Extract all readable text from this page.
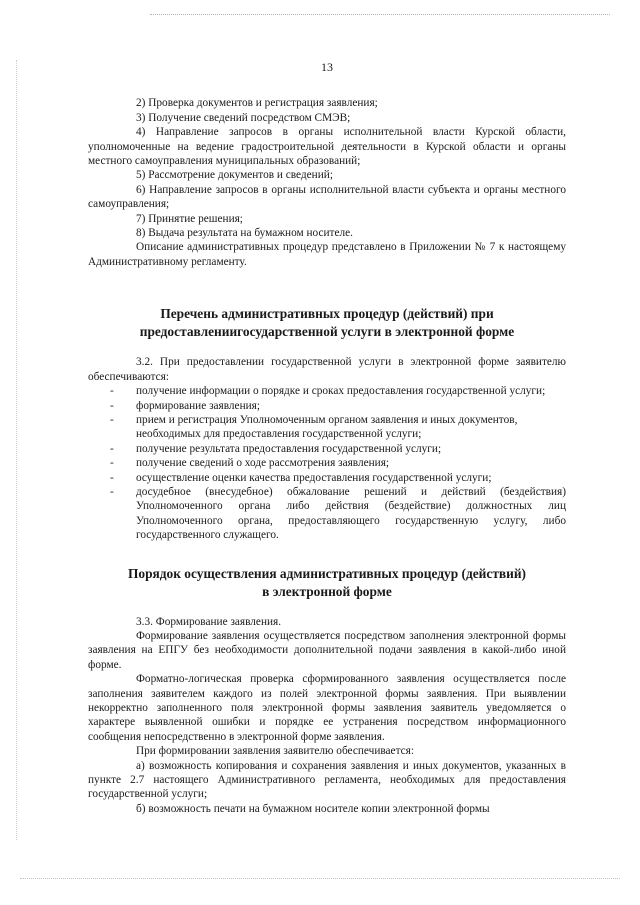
13
2) Проверка документов и регистрация заявления;
3) Получение сведений посредством СМЭВ;
4) Направление запросов в органы исполнительной власти Курской области, уполномоченные на ведение градостроительной деятельности в Курской области и органы местного самоуправления муниципальных образований;
5) Рассмотрение документов и сведений;
6) Направление запросов в органы исполнительной власти субъекта и органы местного самоуправления;
7) Принятие решения;
8) Выдача результата на бумажном носителе.
Описание административных процедур представлено в Приложении № 7 к настоящему Административному регламенту.
Перечень административных процедур (действий) при
предоставлениигосударственной услуги в электронной форме
3.2. При предоставлении государственной услуги в электронной форме заявителю обеспечиваются:
-	получение информации о порядке и сроках предоставления государственной услуги;
-	формирование заявления;
-	прием и регистрация Уполномоченным органом заявления и иных документов, необходимых для предоставления государственной услуги;
-	получение результата предоставления государственной услуги;
-	получение сведений о ходе рассмотрения заявления;
-	осуществление оценки качества предоставления государственной услуги;
-	досудебное (внесудебное) обжалование решений и действий (бездействия) Уполномоченного органа либо действия (бездействие) должностных лиц Уполномоченного органа, предоставляющего государственную услугу, либо государственного служащего.
Порядок осуществления административных процедур (действий)
в электронной форме
3.3. Формирование заявления.
Формирование заявления осуществляется посредством заполнения электронной формы заявления на ЕПГУ без необходимости дополнительной подачи заявления в какой-либо иной форме.
Форматно-логическая проверка сформированного заявления осуществляется после заполнения заявителем каждого из полей электронной формы заявления. При выявлении некорректно заполненного поля электронной формы заявления заявитель уведомляется о характере выявленной ошибки и порядке ее устранения посредством информационного сообщения непосредственно в электронной форме заявления.
При формировании заявления заявителю обеспечивается:
а) возможность копирования и сохранения заявления и иных документов, указанных в пункте 2.7 настоящего Административного регламента, необходимых для предоставления государственной услуги;
б) возможность печати на бумажном носителе копии электронной формы
